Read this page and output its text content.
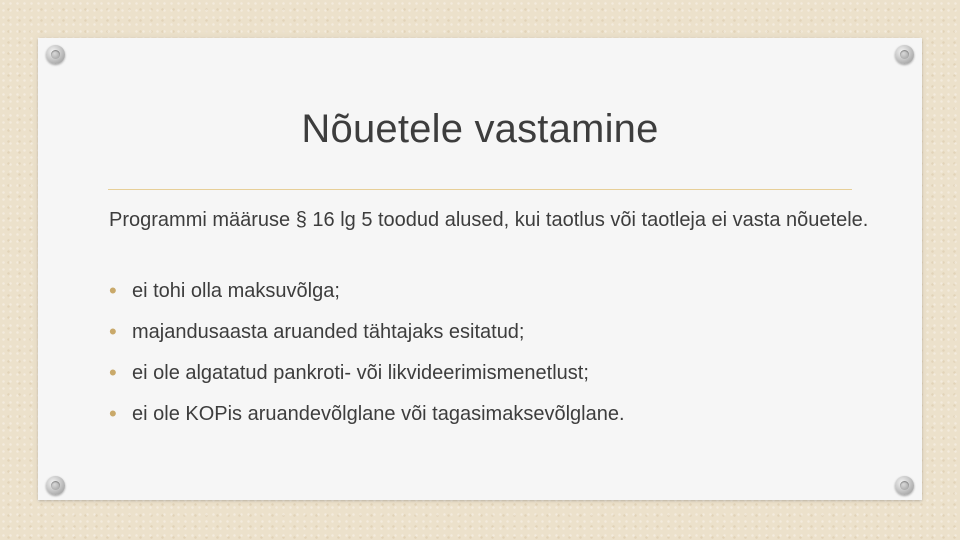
Nõuetele vastamine

Programmi määruse § 16 lg 5 toodud alused, kui taotlus või taotleja ei vasta nõuetele.

• ei tohi olla maksuvõlga;
• majandusaasta aruanded tähtajaks esitatud;
• ei ole algatatud pankroti- või likvideerimismenetlust;
• ei ole KOPis aruandevõlglane või tagasimaksevõlglane.
